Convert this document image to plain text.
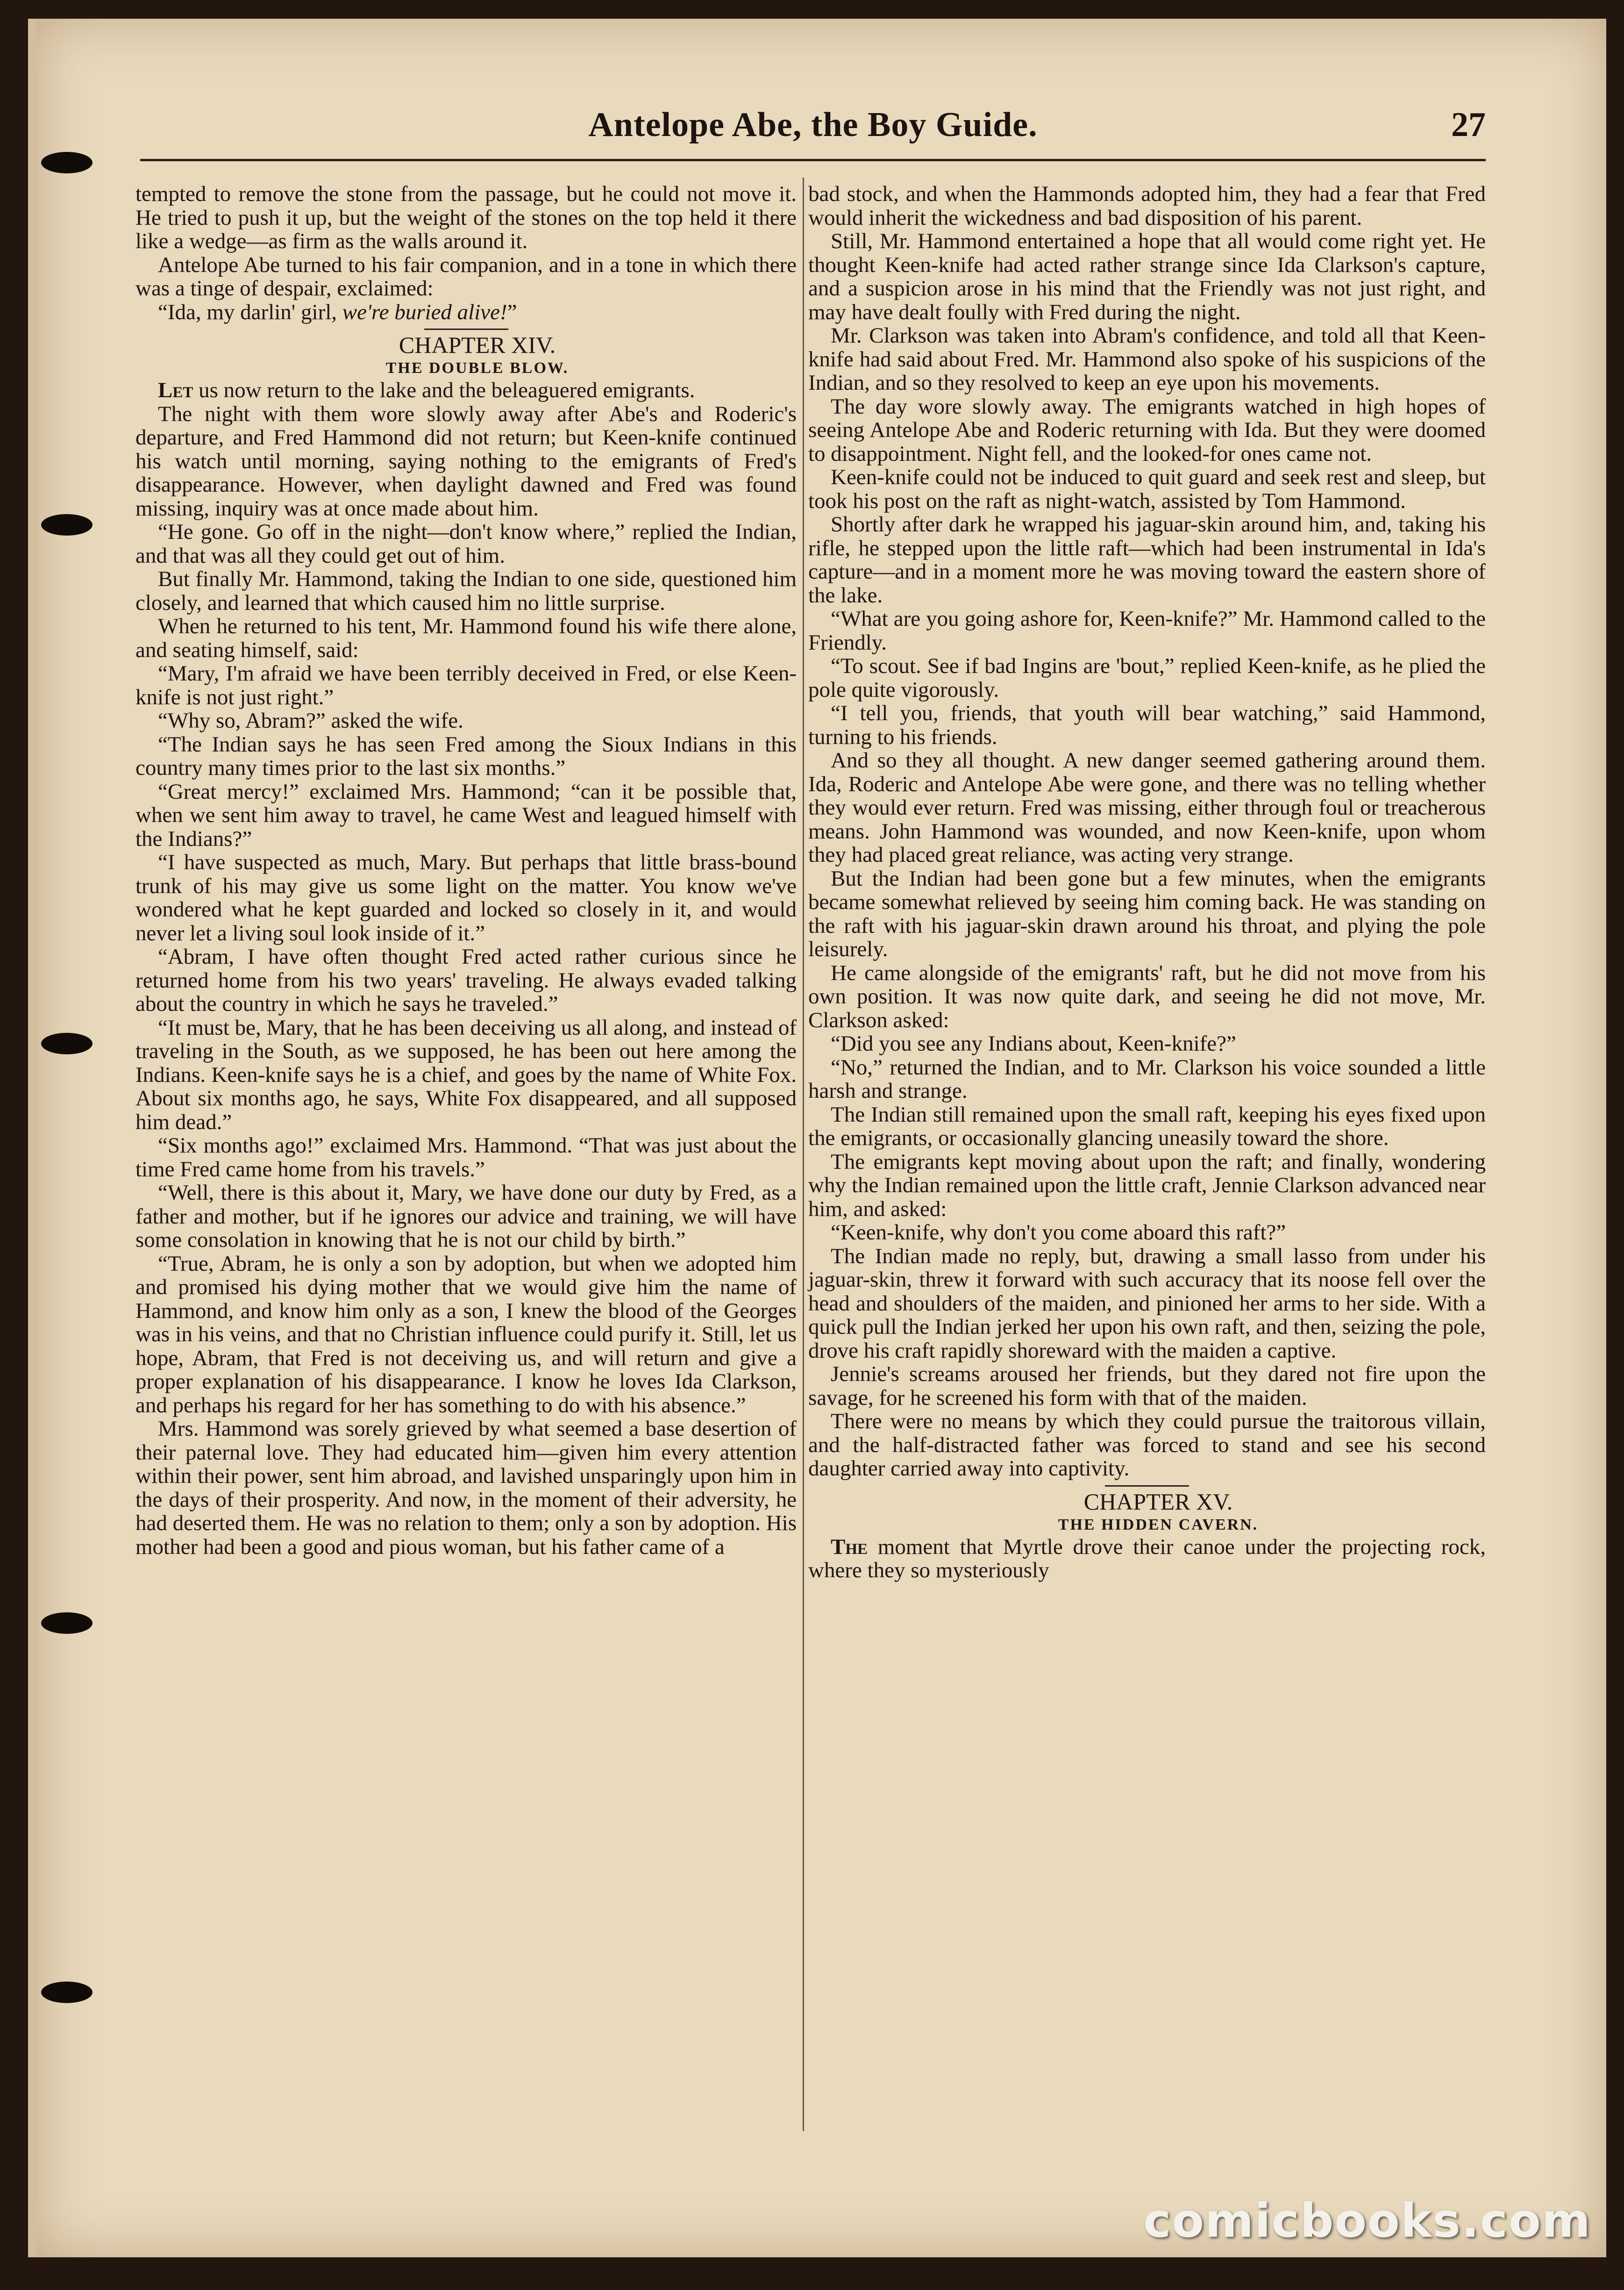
Antelope Abe, the Boy Guide.	27

tempted to remove the stone from the passage, but he could not move it. He tried to push it up, but the weight of the stones on the top held it there like a wedge—as firm as the walls around it.

Antelope Abe turned to his fair companion, and in a tone in which there was a tinge of despair, exclaimed:

“Ida, my darlin' girl, we're buried alive!”

CHAPTER XIV.

THE DOUBLE BLOW.

Let us now return to the lake and the beleaguered emigrants.

The night with them wore slowly away after Abe's and Roderic's departure, and Fred Hammond did not return; but Keen-knife continued his watch until morning, saying nothing to the emigrants of Fred's disappearance. However, when daylight dawned and Fred was found missing, inquiry was at once made about him.

“He gone. Go off in the night—don't know where,” replied the Indian, and that was all they could get out of him.

But finally Mr. Hammond, taking the Indian to one side, questioned him closely, and learned that which caused him no little surprise.

When he returned to his tent, Mr. Hammond found his wife there alone, and seating himself, said:

“Mary, I'm afraid we have been terribly deceived in Fred, or else Keen-knife is not just right.”

“Why so, Abram?” asked the wife.

“The Indian says he has seen Fred among the Sioux Indians in this country many times prior to the last six months.”

“Great mercy!” exclaimed Mrs. Hammond; “can it be possible that, when we sent him away to travel, he came West and leagued himself with the Indians?”

“I have suspected as much, Mary. But perhaps that little brass-bound trunk of his may give us some light on the matter. You know we've wondered what he kept guarded and locked so closely in it, and would never let a living soul look inside of it.”

“Abram, I have often thought Fred acted rather curious since he returned home from his two years' traveling. He always evaded talking about the country in which he says he traveled.”

“It must be, Mary, that he has been deceiving us all along, and instead of traveling in the South, as we supposed, he has been out here among the Indians. Keen-knife says he is a chief, and goes by the name of White Fox. About six months ago, he says, White Fox disappeared, and all supposed him dead.”

“Six months ago!” exclaimed Mrs. Hammond. “That was just about the time Fred came home from his travels.”

“Well, there is this about it, Mary, we have done our duty by Fred, as a father and mother, but if he ignores our advice and training, we will have some consolation in knowing that he is not our child by birth.”

“True, Abram, he is only a son by adoption, but when we adopted him and promised his dying mother that we would give him the name of Hammond, and know him only as a son, I knew the blood of the Georges was in his veins, and that no Christian influence could purify it. Still, let us hope, Abram, that Fred is not deceiving us, and will return and give a proper explanation of his disappearance. I know he loves Ida Clarkson, and perhaps his regard for her has something to do with his absence.”

Mrs. Hammond was sorely grieved by what seemed a base desertion of their paternal love. They had educated him—given him every attention within their power, sent him abroad, and lavished unsparingly upon him in the days of their prosperity. And now, in the moment of their adversity, he had deserted them. He was no relation to them; only a son by adoption. His mother had been a good and pious woman, but his father came of a

bad stock, and when the Hammonds adopted him, they had a fear that Fred would inherit the wickedness and bad disposition of his parent.

Still, Mr. Hammond entertained a hope that all would come right yet. He thought Keen-knife had acted rather strange since Ida Clarkson's capture, and a suspicion arose in his mind that the Friendly was not just right, and may have dealt foully with Fred during the night.

Mr. Clarkson was taken into Abram's confidence, and told all that Keen-knife had said about Fred. Mr. Hammond also spoke of his suspicions of the Indian, and so they resolved to keep an eye upon his movements.

The day wore slowly away. The emigrants watched in high hopes of seeing Antelope Abe and Roderic returning with Ida. But they were doomed to disappointment. Night fell, and the looked-for ones came not.

Keen-knife could not be induced to quit guard and seek rest and sleep, but took his post on the raft as night-watch, assisted by Tom Hammond.

Shortly after dark he wrapped his jaguar-skin around him, and, taking his rifle, he stepped upon the little raft—which had been instrumental in Ida's capture—and in a moment more he was moving toward the eastern shore of the lake.

“What are you going ashore for, Keen-knife?” Mr. Hammond called to the Friendly.

“To scout. See if bad Ingins are 'bout,” replied Keen-knife, as he plied the pole quite vigorously.

“I tell you, friends, that youth will bear watching,” said Hammond, turning to his friends.

And so they all thought. A new danger seemed gathering around them. Ida, Roderic and Antelope Abe were gone, and there was no telling whether they would ever return. Fred was missing, either through foul or treacherous means. John Hammond was wounded, and now Keen-knife, upon whom they had placed great reliance, was acting very strange.

But the Indian had been gone but a few minutes, when the emigrants became somewhat relieved by seeing him coming back. He was standing on the raft with his jaguar-skin drawn around his throat, and plying the pole leisurely.

He came alongside of the emigrants' raft, but he did not move from his own position. It was now quite dark, and seeing he did not move, Mr. Clarkson asked:

“Did you see any Indians about, Keen-knife?”

“No,” returned the Indian, and to Mr. Clarkson his voice sounded a little harsh and strange.

The Indian still remained upon the small raft, keeping his eyes fixed upon the emigrants, or occasionally glancing uneasily toward the shore.

The emigrants kept moving about upon the raft; and finally, wondering why the Indian remained upon the little craft, Jennie Clarkson advanced near him, and asked:

“Keen-knife, why don't you come aboard this raft?”

The Indian made no reply, but, drawing a small lasso from under his jaguar-skin, threw it forward with such accuracy that its noose fell over the head and shoulders of the maiden, and pinioned her arms to her side. With a quick pull the Indian jerked her upon his own raft, and then, seizing the pole, drove his craft rapidly shoreward with the maiden a captive.

Jennie's screams aroused her friends, but they dared not fire upon the savage, for he screened his form with that of the maiden.

There were no means by which they could pursue the traitorous villain, and the half-distracted father was forced to stand and see his second daughter carried away into captivity.

CHAPTER XV.

THE HIDDEN CAVERN.

The moment that Myrtle drove their canoe under the projecting rock, where they so mysteriously

comicbooks.com
